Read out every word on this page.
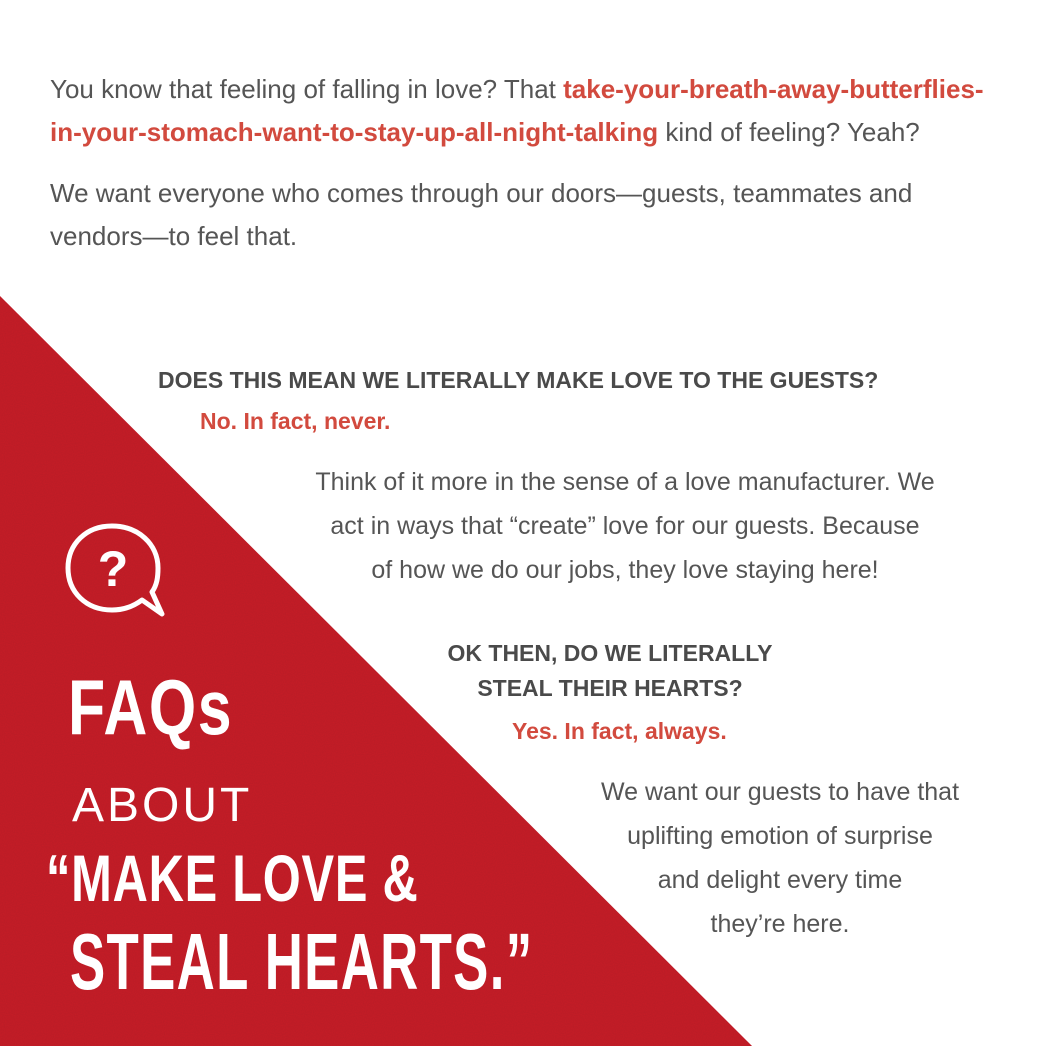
You know that feeling of falling in love? That take-your-breath-away-butterflies-in-your-stomach-want-to-stay-up-all-night-talking kind of feeling? Yeah?

We want everyone who comes through our doors—guests, teammates and vendors—to feel that.

DOES THIS MEAN WE LITERALLY MAKE LOVE TO THE GUESTS?
No. In fact, never.

Think of it more in the sense of a love manufacturer. We
act in ways that “create” love for our guests. Because
of how we do our jobs, they love staying here!

OK THEN, DO WE LITERALLY
STEAL THEIR HEARTS?

Yes. In fact, always.

We want our guests to have that
uplifting emotion of surprise
and delight every time
they’re here.

?
FAQs
ABOUT
“MAKE LOVE &
STEAL HEARTS.”
